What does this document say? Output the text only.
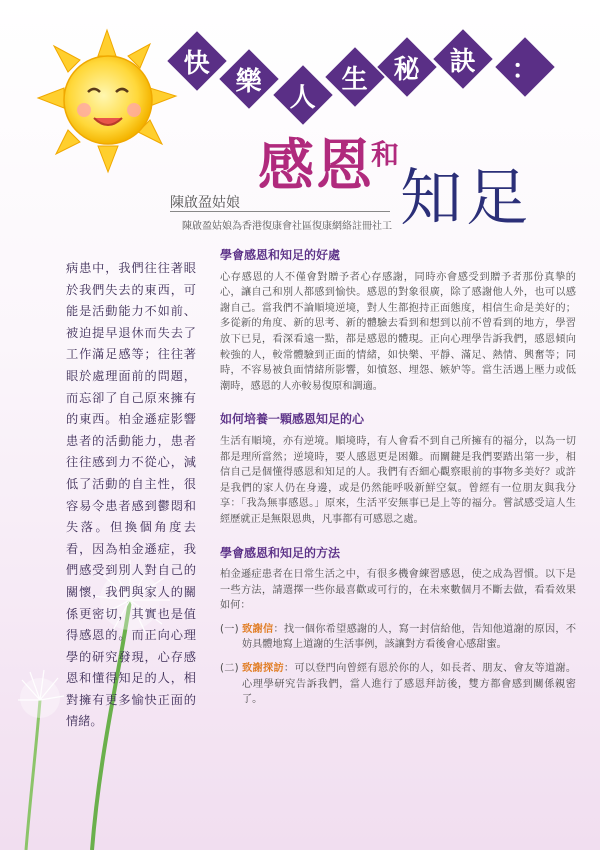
快
樂
人
生 秘 訣 ：
感恩
和
知足
陳啟盈姑娘
陳啟盈姑娘為香港復康會社區復康網絡註冊社工
病患中，我們往往著眼於我們失去的東西，可能是活動能力不如前、被迫提早退休而失去了工作滿足感等；往往著眼於處理面前的問題，而忘卻了自己原來擁有的東西。柏金遜症影響患者的活動能力，患者往往感到力不從心，減低了活動的自主性，很容易令患者感到鬱悶和失落。但換個角度去看，因為柏金遜症，我們感受到別人對自己的關懷，我們與家人的關係更密切，其實也是值得感恩的。而正向心理學的研究發現，心存感恩和懂得知足的人，相對擁有更多愉快正面的情緒。
學會感恩和知足的好處
心存感恩的人不僅會對贈予者心存感謝，同時亦會感受到贈予者那份真摯的心，讓自己和別人都感到愉快。感恩的對象很廣，除了感謝他人外，也可以感謝自己。當我們不論順境逆境，對人生都抱持正面態度，相信生命是美好的；多從新的角度、新的思考、新的體驗去看到和想到以前不曾看到的地方，學習放下已見，看深看遠一點，都是感恩的體現。正向心理學告訴我們，感恩傾向較強的人，較常體驗到正面的情緒，如快樂、平靜、滿足、熱情、興奮等；同時，不容易被負面情緒所影響，如憤怒、埋怨、嫉妒等。當生活遇上壓力或低潮時，感恩的人亦較易復原和調適。
如何培養一顆感恩知足的心
生活有順境，亦有逆境。順境時，有人會看不到自己所擁有的福分，以為一切都是理所當然；逆境時，要人感恩更是困難。而關鍵是我們要踏出第一步，相信自己是個懂得感恩和知足的人。我們有否細心觀察眼前的事物多美好？或許是我們的家人仍在身邊，或是仍然能呼吸新鮮空氣。曾經有一位朋友與我分享：「我為無事感恩。」原來，生活平安無事已是上等的福分。嘗試感受這人生經歷就正是無限恩典，凡事都有可感恩之處。
學會感恩和知足的方法
柏金遜症患者在日常生活之中，有很多機會練習感恩，使之成為習慣。以下是一些方法，請選擇一些你最喜歡或可行的，在未來數個月不斷去做，看看效果如何：
(一) 致謝信：找一個你希望感謝的人，寫一封信給他，告知他道謝的原因，不妨具體地寫上道謝的生活事例，該讓對方看後會心感甜蜜。
(二) 致謝探訪：可以登門向曾經有恩於你的人，如長者、朋友、會友等道謝。心理學研究告訴我們，當人進行了感恩拜訪後，雙方都會感到關係親密了。
